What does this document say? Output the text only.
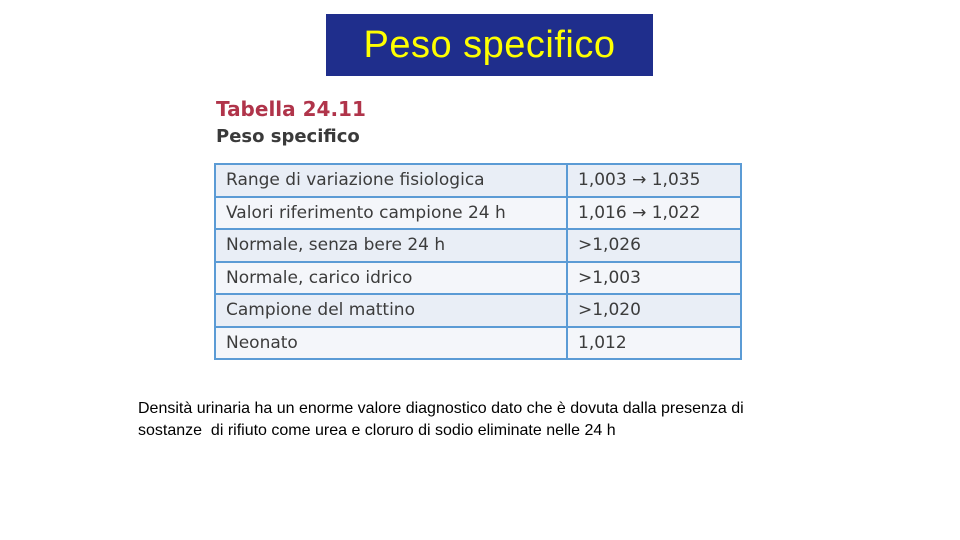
Peso specifico
Tabella 24.11
Peso specifico
Range di variazione fisiologica	1,003 → 1,035
Valori riferimento campione 24 h	1,016 → 1,022
Normale, senza bere 24 h	>1,026
Normale, carico idrico	>1,003
Campione del mattino	>1,020
Neonato	1,012
Densità urinaria ha un enorme valore diagnostico dato che è dovuta dalla presenza di
sostanze  di rifiuto come urea e cloruro di sodio eliminate nelle 24 h
